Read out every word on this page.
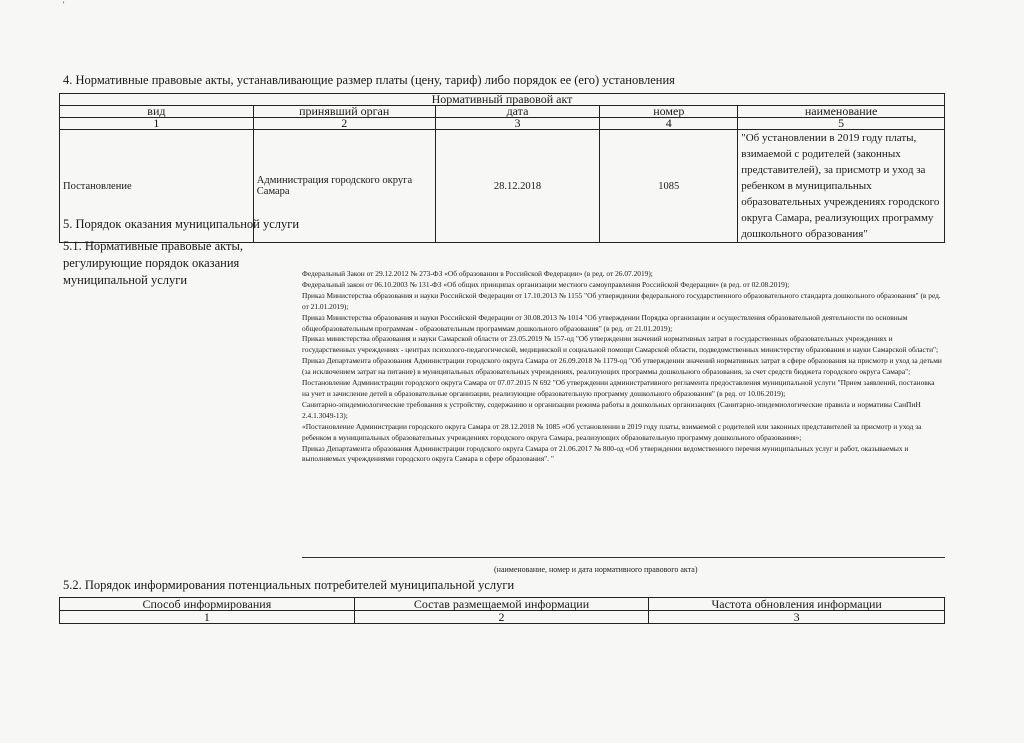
'
4. Нормативные правовые акты, устанавливающие размер платы (цену, тариф) либо порядок ее (его) установления
Нормативный правовой акт				
вид	принявший орган	дата	номер	наименование
1	2	3	4	5
Постановление	Администрация городского округа Самара	28.12.2018	1085	"Об установлении в 2019 году платы, взимаемой с родителей (законных представителей), за присмотр и уход за ребенком в муниципальных образовательных учреждениях городского округа Самара, реализующих программу дошкольного образования"
5. Порядок оказания муниципальной услуги
5.1. Нормативные правовые акты, регулирующие порядок оказания муниципальной услуги	Федеральный Закон от 29.12.2012 № 273-ФЗ «Об образовании в Российской Федерации» (в ред. от 26.07.2019);
Федеральный закон от 06.10.2003 № 131-ФЗ «Об общих принципах организации местного самоуправления Российской Федерации» (в ред. от 02.08.2019);
Приказ Министерства образования и науки Российской Федерации от 17.10.2013 № 1155 "Об утверждении федерального государственного образовательного стандарта дошкольного образования" (в ред. от 21.01.2019);
Приказ Министерства образования и науки Российской Федерации от 30.08.2013 № 1014 "Об утверждении Порядка организации и осуществления образовательной деятельности по основным общеобразовательным программам - образовательным программам дошкольного образования" (в ред. от 21.01.2019);
Приказ министерства образования и науки Самарской области от 23.05.2019 № 157-од "Об утверждении значений нормативных затрат в государственных образовательных учреждениях и государственных учреждениях - центрах психолого-педагогической, медицинской и социальной помощи Самарской области, подведомственных министерству образования и науки Самарской области";
Приказ Департамента образования Администрации городского округа Самара от 26.09.2018 № 1179-од "Об утверждении значений нормативных затрат в сфере образования на присмотр и уход за детьми (за исключением затрат на питание) в муниципальных образовательных учреждениях, реализующих программы дошкольного образования, за счет средств бюджета городского округа Самара";
Постановление Администрации городского округа Самара от 07.07.2015 N 692 "Об утверждении административного регламента предоставления муниципальной услуги "Прием заявлений, постановка на учет и зачисление детей в образовательные организации, реализующие образовательную программу дошкольного образования" (в ред. от 10.06.2019);
Санитарно-эпидемиологические требования к устройству, содержанию и организации режима работы в дошкольных организациях (Санитарно-эпидемиологические правила и нормативы СанПиН 2.4.1.3049-13);
«Постановление Администрации городского округа Самара от 28.12.2018 № 1085 «Об установлении в 2019 году платы, взимаемой с родителей или законных представителей за присмотр и уход за ребенком в муниципальных образовательных учреждениях городского округа Самара, реализующих образовательную программу дошкольного образования»;
Приказ Департамента образования Администрации городского округа Самара от 21.06.2017 № 800-од «Об утверждении ведомственного перечня муниципальных услуг и работ, оказываемых и выполняемых учреждениями городского округа Самара в сфере образования". "
(наименование, номер и дата нормативного правового акта)
5.2. Порядок информирования потенциальных потребителей муниципальной услуги
Способ информирования	Состав размещаемой информации	Частота обновления информации
1	2	3
